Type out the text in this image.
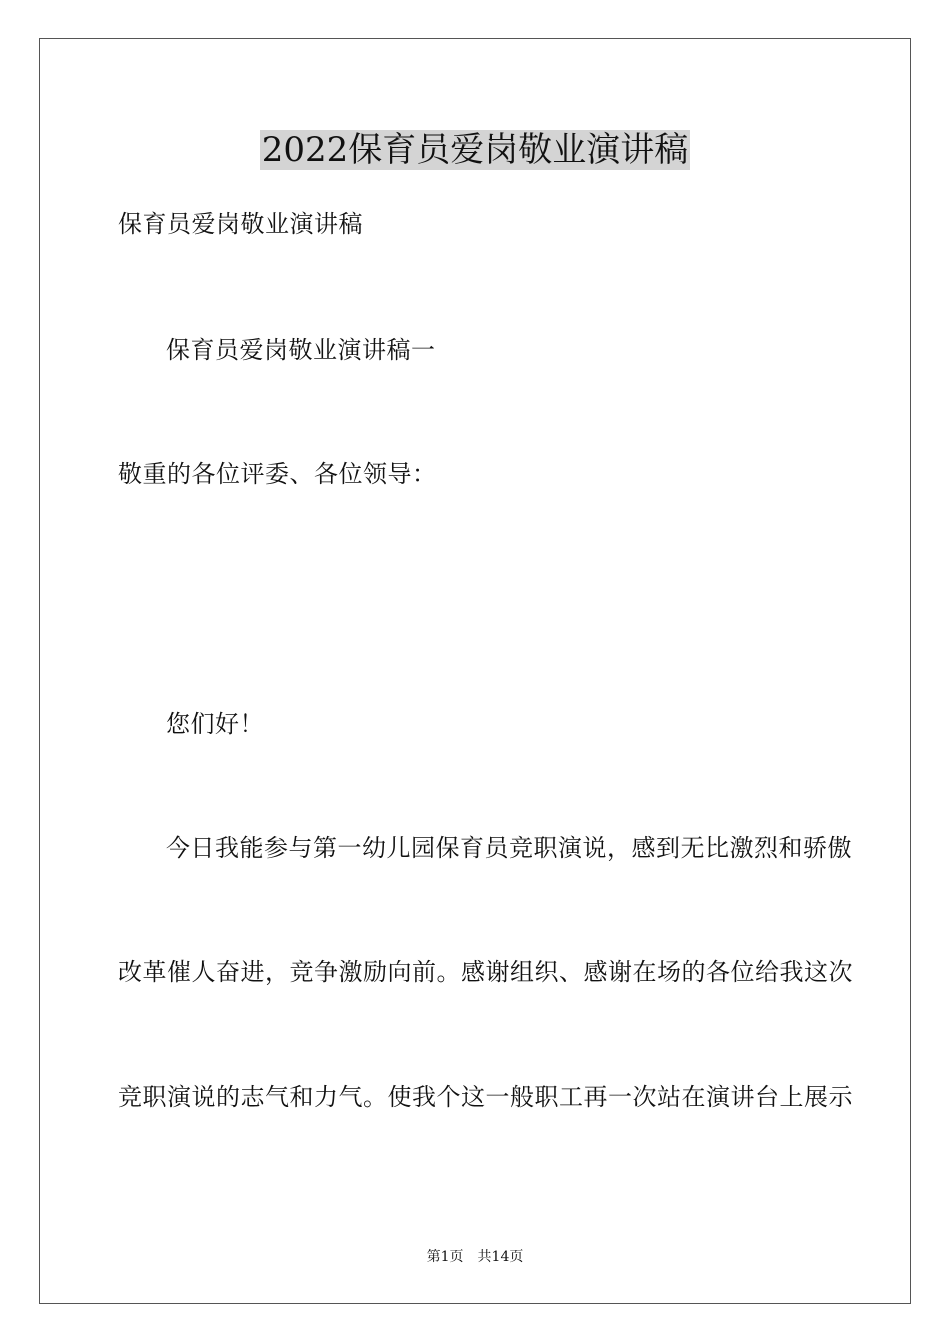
2022保育员爱岗敬业演讲稿

保育员爱岗敬业演讲稿

保育员爱岗敬业演讲稿一

敬重的各位评委、各位领导：

您们好！

今日我能参与第一幼儿园保育员竞职演说，感到无比激烈和骄傲

改革催人奋进，竞争激励向前。感谢组织、感谢在场的各位给我这次

竞职演说的志气和力气。使我个这一般职工再一次站在演讲台上展示

第1页 共14页
